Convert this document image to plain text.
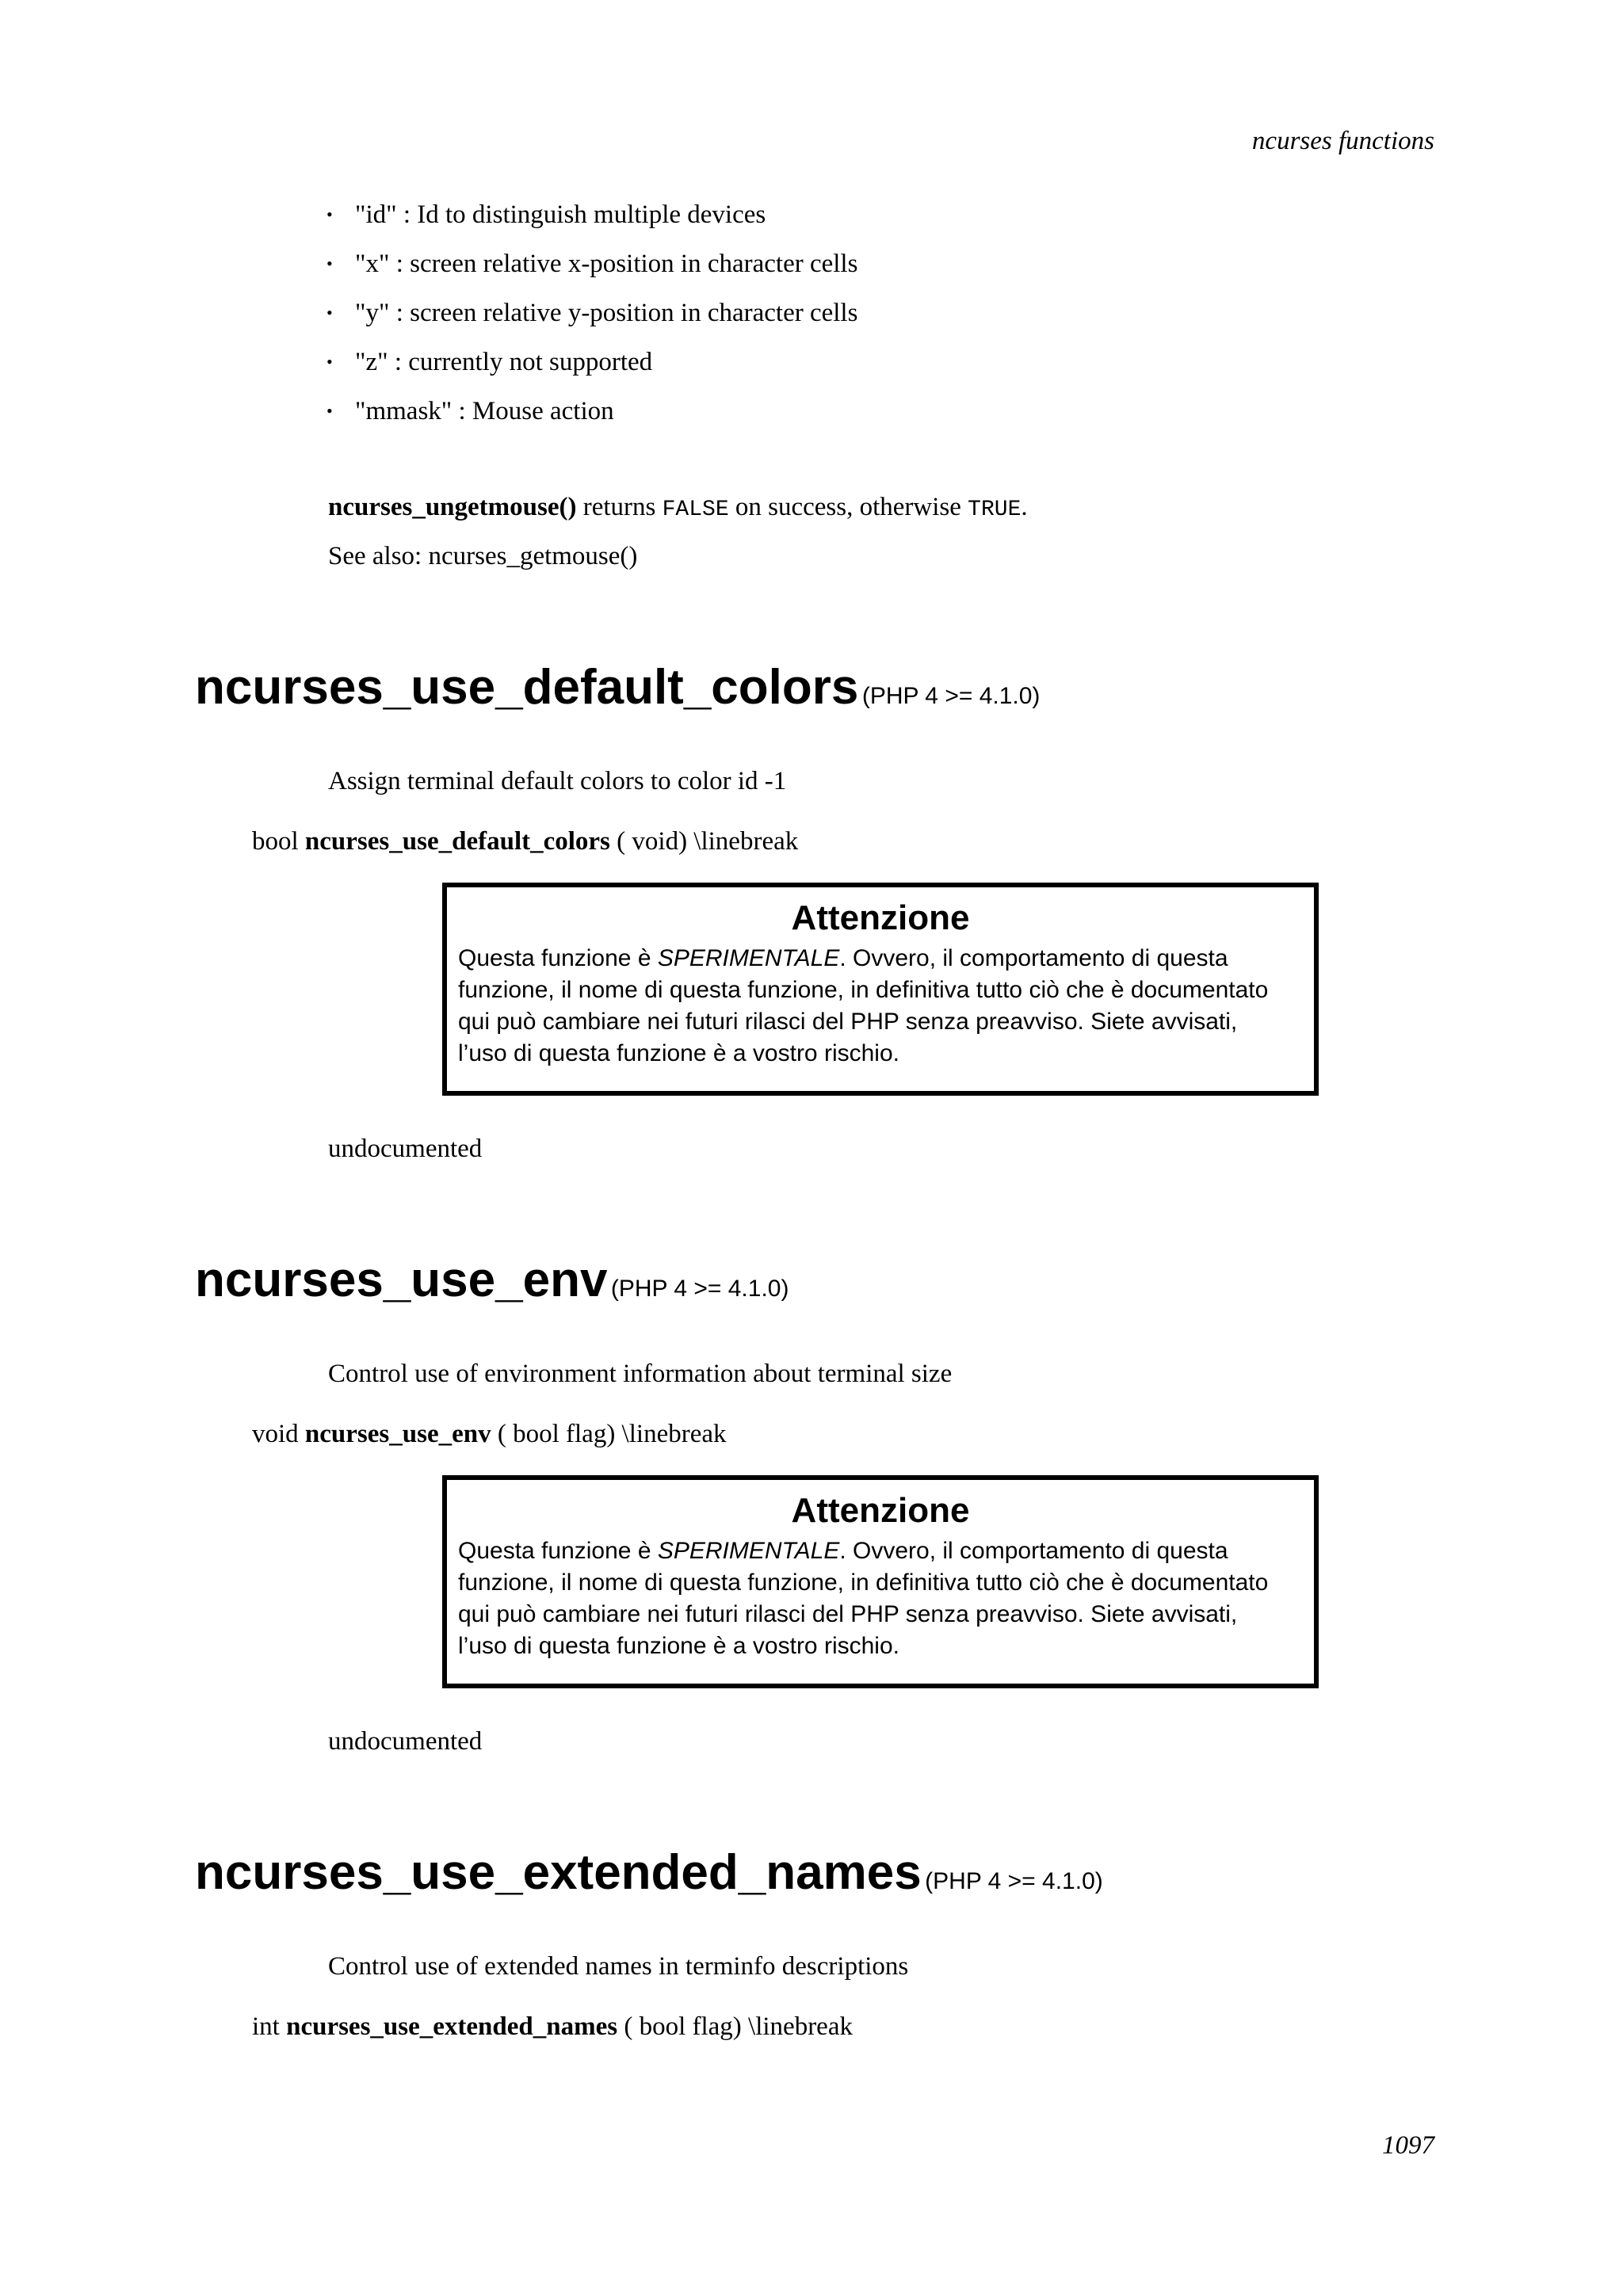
ncurses functions
• "id" : Id to distinguish multiple devices
• "x" : screen relative x-position in character cells
• "y" : screen relative y-position in character cells
• "z" : currently not supported
• "mmask" : Mouse action
ncurses_ungetmouse() returns FALSE on success, otherwise TRUE.
See also: ncurses_getmouse()
ncurses_use_default_colors (PHP 4 >= 4.1.0)
Assign terminal default colors to color id -1
bool ncurses_use_default_colors ( void) \linebreak
Attenzione
Questa funzione è SPERIMENTALE. Ovvero, il comportamento di questa
funzione, il nome di questa funzione, in definitiva tutto ciò che è documentato
qui può cambiare nei futuri rilasci del PHP senza preavviso. Siete avvisati,
l’uso di questa funzione è a vostro rischio.
undocumented
ncurses_use_env (PHP 4 >= 4.1.0)
Control use of environment information about terminal size
void ncurses_use_env ( bool flag) \linebreak
Attenzione
Questa funzione è SPERIMENTALE. Ovvero, il comportamento di questa
funzione, il nome di questa funzione, in definitiva tutto ciò che è documentato
qui può cambiare nei futuri rilasci del PHP senza preavviso. Siete avvisati,
l’uso di questa funzione è a vostro rischio.
undocumented
ncurses_use_extended_names (PHP 4 >= 4.1.0)
Control use of extended names in terminfo descriptions
int ncurses_use_extended_names ( bool flag) \linebreak
1097
